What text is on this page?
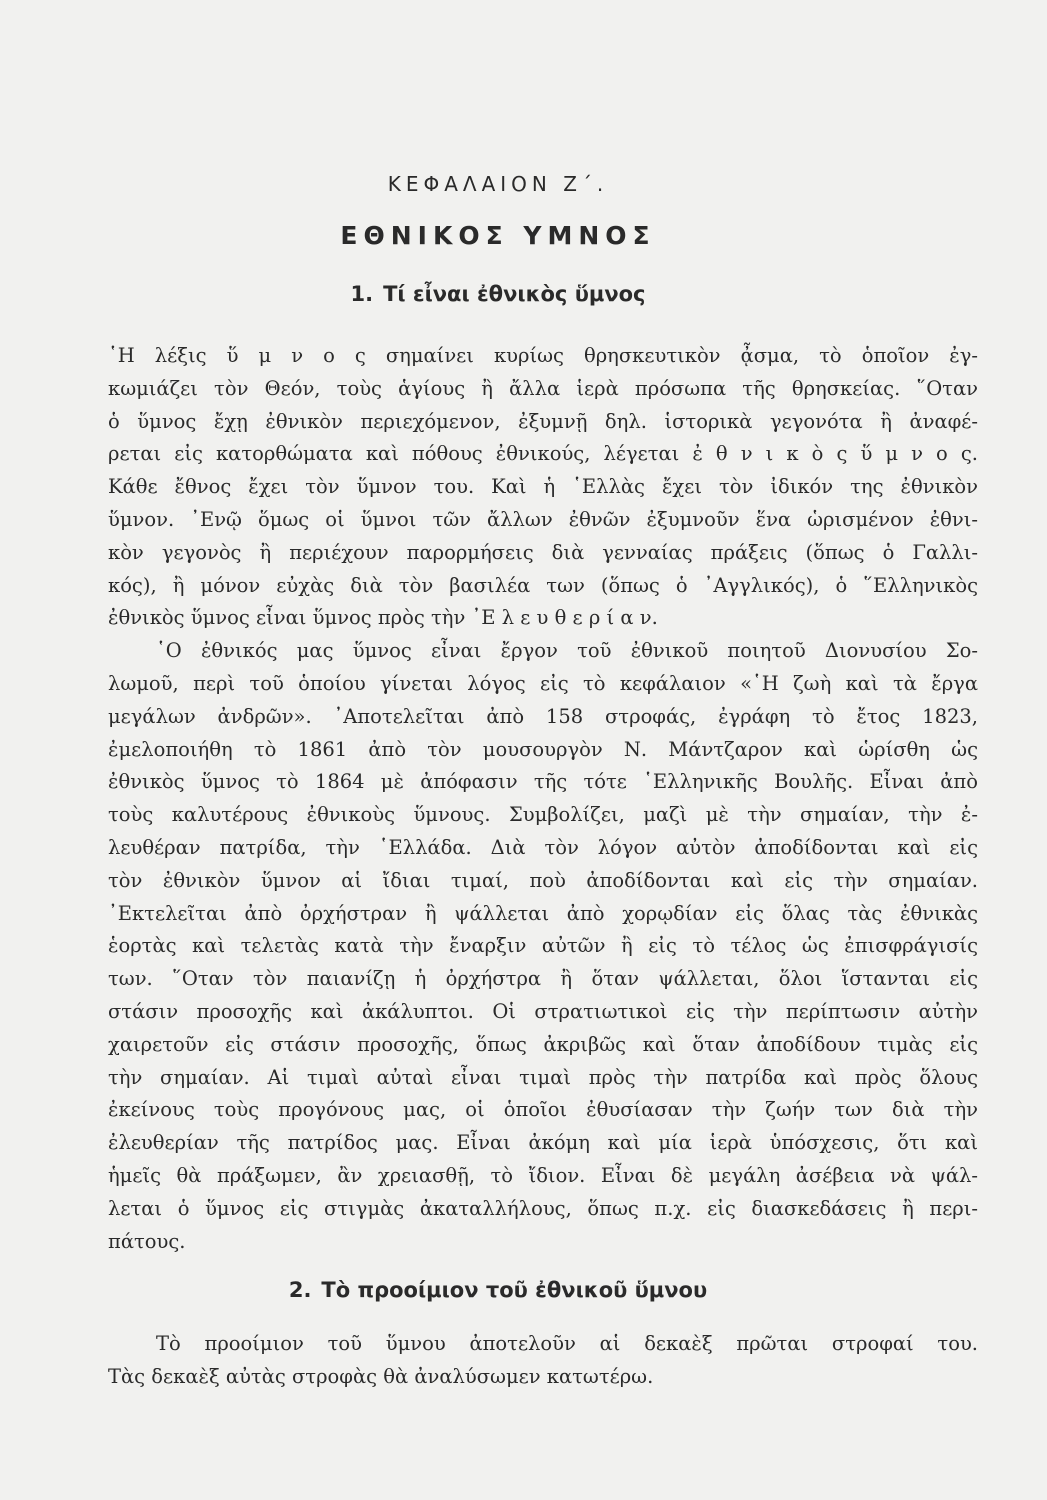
ΚΕΦΑΛΑΙΟΝ Ζ΄.
ΕΘΝΙΚΟΣ ΥΜΝΟΣ
1. Τί εἶναι ἐθνικὸς ὕμνος
῾Η λέξις ὕ μ ν ο ς σημαίνει κυρίως θρησκευτικὸν ᾆσμα, τὸ ὁποῖον ἐγ-
κωμιάζει τὸν Θεόν, τοὺς ἁγίους ἢ ἄλλα ἱερὰ πρόσωπα τῆς θρησκείας. ῞Οταν
ὁ ὕμνος ἔχῃ ἐθνικὸν περιεχόμενον, ἐξυμνῇ δηλ. ἱστορικὰ γεγονότα ἢ ἀναφέ-
ρεται εἰς κατορθώματα καὶ πόθους ἐθνικούς, λέγεται ἐ θ ν ι κ ὸ ς ὕ μ ν ο ς.
Κάθε ἔθνος ἔχει τὸν ὕμνον του. Καὶ ἡ ῾Ελλὰς ἔχει τὸν ἰδικόν της ἐθνικὸν
ὕμνον. ᾿Ενῷ ὅμως οἱ ὕμνοι τῶν ἄλλων ἐθνῶν ἐξυμνοῦν ἕνα ὡρισμένον ἐθνι-
κὸν γεγονὸς ἢ περιέχουν παρορμήσεις διὰ γενναίας πράξεις (ὅπως ὁ Γαλλι-
κός), ἢ μόνον εὐχὰς διὰ τὸν βασιλέα των (ὅπως ὁ ᾿Αγγλικός), ὁ ῞Ελληνικὸς
ἐθνικὸς ὕμνος εἶναι ὕμνος πρὸς τὴν ᾿Ε λ ε υ θ ε ρ ί α ν.
῾Ο ἐθνικός μας ὕμνος εἶναι ἔργον τοῦ ἐθνικοῦ ποιητοῦ Διονυσίου Σο-
λωμοῦ, περὶ τοῦ ὁποίου γίνεται λόγος εἰς τὸ κεφάλαιον «῾Η ζωὴ καὶ τὰ ἔργα
μεγάλων ἀνδρῶν». ᾿Αποτελεῖται ἀπὸ 158 στροφάς, ἐγράφη τὸ ἔτος 1823,
ἐμελοποιήθη τὸ 1861 ἀπὸ τὸν μουσουργὸν Ν. Μάντζαρον καὶ ὡρίσθη ὡς
ἐθνικὸς ὕμνος τὸ 1864 μὲ ἀπόφασιν τῆς τότε ῾Ελληνικῆς Βουλῆς. Εἶναι ἀπὸ
τοὺς καλυτέρους ἐθνικοὺς ὕμνους. Συμβολίζει, μαζὶ μὲ τὴν σημαίαν, τὴν ἐ-
λευθέραν πατρίδα, τὴν ῾Ελλάδα. Διὰ τὸν λόγον αὐτὸν ἀποδίδονται καὶ εἰς
τὸν ἐθνικὸν ὕμνον αἱ ἴδιαι τιμαί, ποὺ ἀποδίδονται καὶ εἰς τὴν σημαίαν.
᾿Εκτελεῖται ἀπὸ ὀρχήστραν ἢ ψάλλεται ἀπὸ χορῳδίαν εἰς ὅλας τὰς ἐθνικὰς
ἑορτὰς καὶ τελετὰς κατὰ τὴν ἔναρξιν αὐτῶν ἢ εἰς τὸ τέλος ὡς ἐπισφράγισίς
των. ῞Οταν τὸν παιανίζῃ ἡ ὀρχήστρα ἢ ὅταν ψάλλεται, ὅλοι ἵστανται εἰς
στάσιν προσοχῆς καὶ ἀκάλυπτοι. Οἱ στρατιωτικοὶ εἰς τὴν περίπτωσιν αὐτὴν
χαιρετοῦν εἰς στάσιν προσοχῆς, ὅπως ἀκριβῶς καὶ ὅταν ἀποδίδουν τιμὰς εἰς
τὴν σημαίαν. Αἱ τιμαὶ αὐταὶ εἶναι τιμαὶ πρὸς τὴν πατρίδα καὶ πρὸς ὅλους
ἐκείνους τοὺς προγόνους μας, οἱ ὁποῖοι ἐθυσίασαν τὴν ζωήν των διὰ τὴν
ἐλευθερίαν τῆς πατρίδος μας. Εἶναι ἀκόμη καὶ μία ἱερὰ ὑπόσχεσις, ὅτι καὶ
ἡμεῖς θὰ πράξωμεν, ἂν χρειασθῇ, τὸ ἴδιον. Εἶναι δὲ μεγάλη ἀσέβεια νὰ ψάλ-
λεται ὁ ὕμνος εἰς στιγμὰς ἀκαταλλήλους, ὅπως π.χ. εἰς διασκεδάσεις ἢ περι-
πάτους.
2. Τὸ προοίμιον τοῦ ἐθνικοῦ ὕμνου
Τὸ προοίμιον τοῦ ὕμνου ἀποτελοῦν αἱ δεκαὲξ πρῶται στροφαί του.
Τὰς δεκαὲξ αὐτὰς στροφὰς θὰ ἀναλύσωμεν κατωτέρω.
